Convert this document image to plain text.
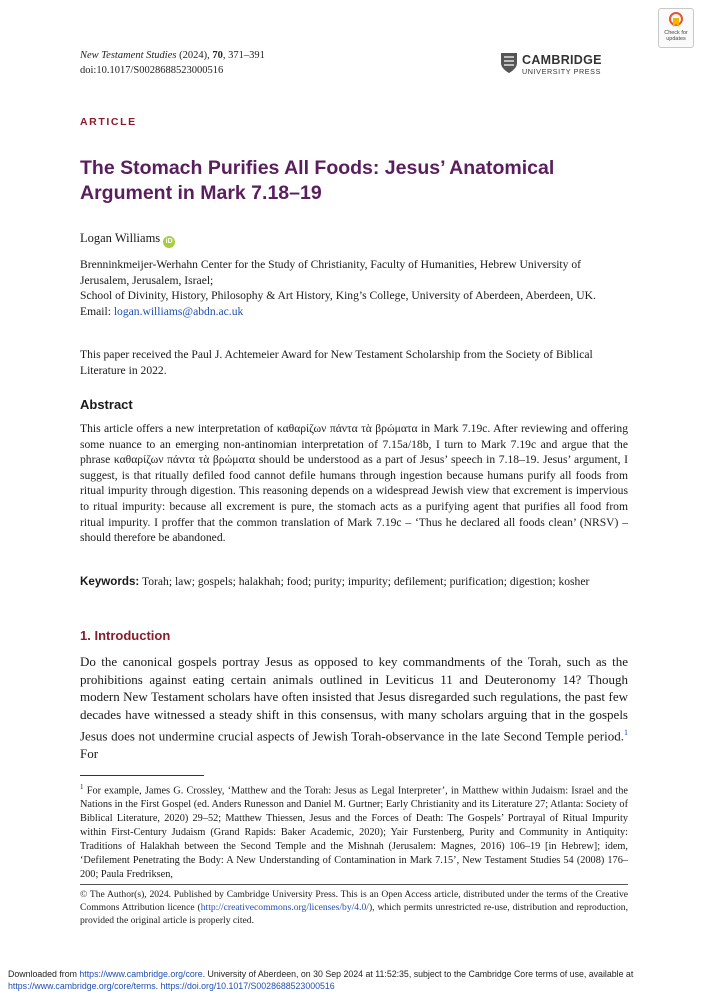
New Testament Studies (2024), 70, 371–391
doi:10.1017/S0028688523000516
CAMBRIDGE
UNIVERSITY PRESS
Check for updates
ARTICLE
The Stomach Purifies All Foods: Jesus’ Anatomical Argument in Mark 7.18–19
Logan Williams iD

Brenninkmeijer-Werhahn Center for the Study of Christianity, Faculty of Humanities, Hebrew University of Jerusalem, Jerusalem, Israel;

School of Divinity, History, Philosophy & Art History, King’s College, University of Aberdeen, Aberdeen, UK.

Email: logan.williams@abdn.ac.uk

This paper received the Paul J. Achtemeier Award for New Testament Scholarship from the Society of Biblical Literature in 2022.
Abstract
This article offers a new interpretation of καθαρίζων πάντα τὰ βρώματα in Mark 7.19c. After reviewing and offering some nuance to an emerging non-antinomian interpretation of 7.15a/18b, I turn to Mark 7.19c and argue that the phrase καθαρίζων πάντα τὰ βρώματα should be understood as a part of Jesus’ speech in 7.18–19. Jesus’ argument, I suggest, is that ritually defiled food cannot defile humans through ingestion because humans purify all foods from ritual impurity through digestion. This reasoning depends on a widespread Jewish view that excrement is impervious to ritual impurity: because all excrement is pure, the stomach acts as a purifying agent that purifies all food from ritual impurity. I proffer that the common translation of Mark 7.19c – ‘Thus he declared all foods clean’ (NRSV) – should therefore be abandoned.
Keywords: Torah; law; gospels; halakhah; food; purity; impurity; defilement; purification; digestion; kosher
1. Introduction
Do the canonical gospels portray Jesus as opposed to key commandments of the Torah, such as the prohibitions against eating certain animals outlined in Leviticus 11 and Deuteronomy 14? Though modern New Testament scholars have often insisted that Jesus disregarded such regulations, the past few decades have witnessed a steady shift in this consensus, with many scholars arguing that in the gospels Jesus does not undermine crucial aspects of Jewish Torah-observance in the late Second Temple period.$^1$ For
$^1$ For example, James G. Crossley, ‘Matthew and the Torah: Jesus as Legal Interpreter’, in Matthew within Judaism: Israel and the Nations in the First Gospel (ed. Anders Runesson and Daniel M. Gurtner; Early Christianity and its Literature 27; Atlanta: Society of Biblical Literature, 2020) 29–52; Matthew Thiessen, Jesus and the Forces of Death: The Gospels’ Portrayal of Ritual Impurity within First-Century Judaism (Grand Rapids: Baker Academic, 2020); Yair Furstenberg, Purity and Community in Antiquity: Traditions of Halakhah between the Second Temple and the Mishnah (Jerusalem: Magnes, 2016) 106–19 [in Hebrew]; idem, ‘Defilement Penetrating the Body: A New Understanding of Contamination in Mark 7.15’, New Testament Studies 54 (2008) 176–200; Paula Fredriksen,
© The Author(s), 2024. Published by Cambridge University Press. This is an Open Access article, distributed under the terms of the Creative Commons Attribution licence (http://creativecommons.org/licenses/by/4.0/), which permits unrestricted re-use, distribution and reproduction, provided the original article is properly cited.
Downloaded from https://www.cambridge.org/core. University of Aberdeen, on 30 Sep 2024 at 11:52:35, subject to the Cambridge Core terms of use, available at https://www.cambridge.org/core/terms. https://doi.org/10.1017/S0028688523000516
